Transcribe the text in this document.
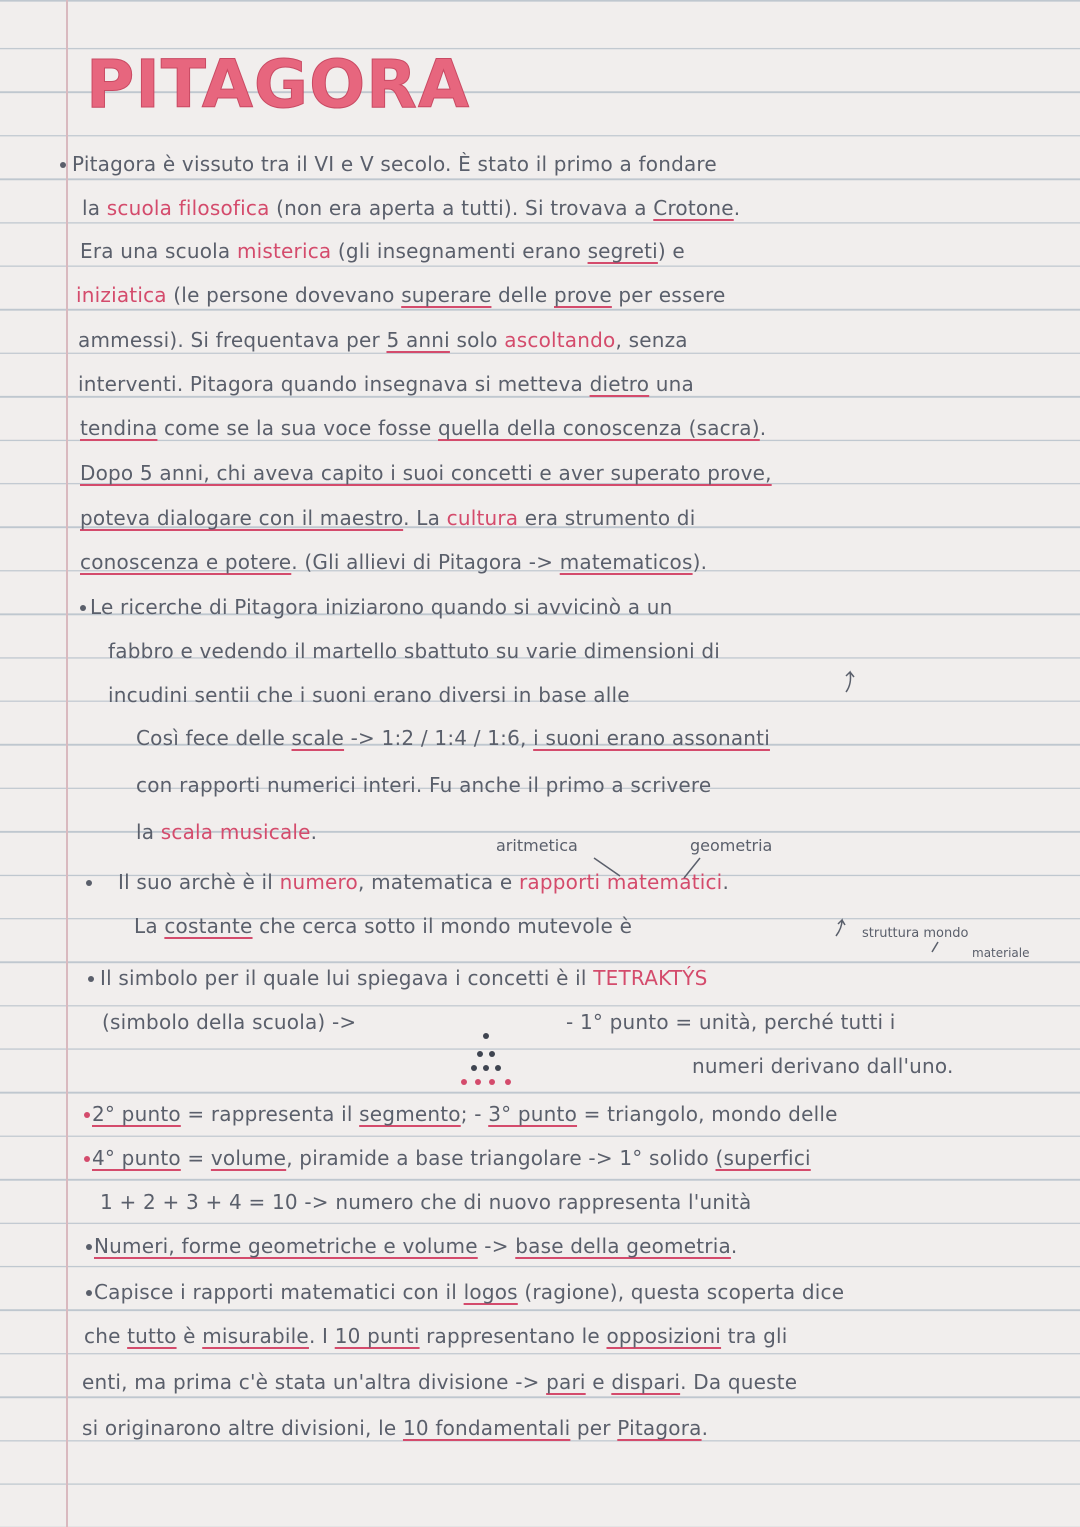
PITAGORA
Pitagora è vissuto tra il VI e V secolo. È stato il primo a fondare
la scuola filosofica (non era aperta a tutti). Si trovava a Crotone.
Era una scuola misterica (gli insegnamenti erano segreti) e
iniziatica (le persone dovevano superare delle prove per essere
ammessi). Si frequentava per 5 anni solo ascoltando, senza
interventi. Pitagora quando insegnava si metteva dietro una
tendina come se la sua voce fosse quella della conoscenza (sacra).
Dopo 5 anni, chi aveva capito i suoi concetti e aver superato prove,
poteva dialogare con il maestro. La cultura era strumento di
conoscenza e potere. (Gli allievi di Pitagora -> matematicos).
Le ricerche di Pitagora iniziarono quando si avvicinò a un
fabbro e vedendo il martello sbattuto su varie dimensioni di
incudini sentii che i suoni erano diversi in base alle
Così fece delle scale -> 1:2 / 1:4 / 1:6, i suoni erano assonanti
con rapporti numerici interi. Fu anche il primo a scrivere
la scala musicale.
Il suo archè è il numero, matematica e rapporti matematici.
La costante che cerca sotto il mondo mutevole è
Il simbolo per il quale lui spiegava i concetti è il TETRAKTÝS
(simbolo della scuola) ->
numeri derivano dall'uno.
2° punto = rappresenta il segmento; - 3° punto = triangolo, mondo delle
4° punto = volume, piramide a base triangolare -> 1° solido (superfici
1 + 2 + 3 + 4 = 10 -> numero che di nuovo rappresenta l'unità
Numeri, forme geometriche e volume -> base della geometria.
Capisce i rapporti matematici con il logos (ragione), questa scoperta dice
che tutto è misurabile. I 10 punti rappresentano le opposizioni tra gli
enti, ma prima c'è stata un'altra divisione -> pari e dispari. Da queste
si originarono altre divisioni, le 10 fondamentali per Pitagora.
aritmetica	geometria
struttura mondo
materiale
- 1° punto = unità, perché tutti i
